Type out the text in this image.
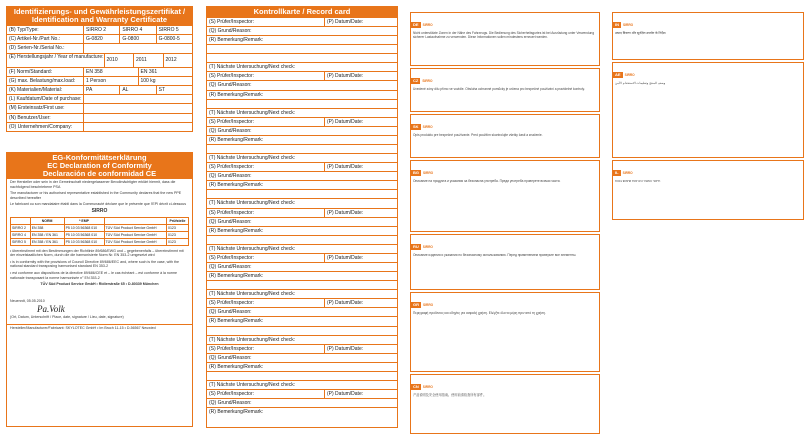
Identifizierungs- und Gewährleistungszertifikat /
Identification and Warranty Certificate
(B) Typ/Type:	SIRRO 2	SIRRO 4	SIRRO 5
(C) Artikel-Nr./Part No.:	G-0820	G-0800	G-0800-5
(D) Serien-Nr./Serial No.:
(E) Herstellungsjahr / Year of manufacture: 2010	2011	2012
(F) Norm/Standard:	EN 358	EN 361
(G) max. Belastung/max.load:	1 Person	100 kg
(K) Materialien/Material:	PA	AL	ST
(L) Kaufdatum/Date of purchase:
(M) Ersteinsatz/First use:
(N) Benutzer/User:
(O) Unternehmen/Company:
EG-Konformitätserklärung
EC Declaration of Conformity
Declaración de conformidad CE
Der Hersteller oder sein in der Gemeinschaft niedergelassener Bevollmächtigter erklärt hiermit, dass die nachfolgend beschriebene PSA
The manufacturer or his authorised representative established in the Community declares that the new PPE described hereafter
Le fabricant ou son mandataire établi dans la Communauté déclare que le présente que l'EPI décrit ci-dessous
SIRRO
	NORM	* EMP		Prüfstelle
SIRRO 2	EN 358	P5 10 03 56368 010	TÜV Süd Product Service GmbH	0123
SIRRO 4	EN 358 / EN 361	P5 10 03 56368 010	TÜV Süd Product Service GmbH	0123
SIRRO 5	EN 358 / EN 361	P5 10 03 56368 010	TÜV Süd Product Service GmbH	0123
• übereinstimmt mit den Bestimmungen der Richtlinie 89/686/EWG und – gegebenenfalls – übereinstimmt mit der einzelstaatlichen Norm, durch die die harmonisierte Norm Nr. EN 353-2 umgesetzt wird
• is in conformity with the provisions of Council Directive 89/686/EEC and, where such is the case, with the national standard transposing harmonised standard EN 353-2
• est conforme aux dispositions de la directive 89/686/CEE et – le cas échéant – est conforme à la norme nationale transposant la norme harmonisée n° EN 353-2
TÜV Süd Product Service GmbH • Ridlerstraße 65 • D-80339 München
Neuenrdt, 05.05.2010
Pa.Volk
(Ort, Datum, Unterschrift / Place, date, signature / Lieu, date, signature)
Hersteller/Manufacturer/Fabricant: SKYLOTEC GmbH • Im Bruch 11-15 • D-56567 Neuwied
Kontrollkarte / Record card
(S) Prüfer/Inspector:	(P) Datum/Date:
(Q) Grund/Reason:
(R) Bemerkung/Remark:
(T) Nächste Untersuchung/Next check:
(S) Prüfer/Inspector:	(P) Datum/Date:
(Q) Grund/Reason:
(R) Bemerkung/Remark:
(T) Nächste Untersuchung/Next check:
(S) Prüfer/Inspector:	(P) Datum/Date:
(Q) Grund/Reason:
(R) Bemerkung/Remark:
(T) Nächste Untersuchung/Next check:
(S) Prüfer/Inspector:	(P) Datum/Date:
(Q) Grund/Reason:
(R) Bemerkung/Remark:
(T) Nächste Untersuchung/Next check:
(S) Prüfer/Inspector:	(P) Datum/Date:
(Q) Grund/Reason:
(R) Bemerkung/Remark:
(T) Nächste Untersuchung/Next check:
(S) Prüfer/Inspector:	(P) Datum/Date:
(Q) Grund/Reason:
(R) Bemerkung/Remark:
(T) Nächste Untersuchung/Next check:
(S) Prüfer/Inspector:	(P) Datum/Date:
(Q) Grund/Reason:
(R) Bemerkung/Remark:
(T) Nächste Untersuchung/Next check:
(S) Prüfer/Inspector:	(P) Datum/Date:
(Q) Grund/Reason:
(R) Bemerkung/Remark:
(T) Nächste Untersuchung/Next check:
(S) Prüfer/Inspector:	(P) Datum/Date:
(Q) Grund/Reason:
(R) Bemerkung/Remark:
DE SIRRO
Nicht unterstützte Zonen in der Nähe des Fahrzeugs. Die Bedienung des Sicherheitsgurtes ist bei Ausrüstung unter Verwendung sicherer Lastaufnahme zu verwenden. Diese Informationen sollen mindestens erneuert werden.
CZ SIRRO
Uvedené zóny dílu přímo ve vozidle. Obsluha ochranné pomůcky je určena pro bezpečné používání a pravidelné kontroly.
SK SIRRO
Opis produktu pre bezpečné používanie. Pred použitím skontrolujte všetky časti a značenie.
BG SIRRO
Описание на продукта и указания за безопасна употреба. Преди употреба проверете всички части.
RU SIRRO
Описание изделия и указания по безопасному использованию. Перед применением проверьте все элементы.
GR SIRRO
Περιγραφή προϊόντος και οδηγίες για ασφαλή χρήση. Ελέγξτε όλα τα μέρη πριν από τη χρήση.
CN SIRRO
产品说明及安全使用指南。使用前请检查所有部件。
IN SIRRO
उत्पाद विवरण और सुरक्षित उपयोग के निर्देश।
AE SIRRO
وصف المنتج وتعليمات الاستخدام الآمن
IL SIRRO
תיאור המוצר והוראות שימוש בטוח
